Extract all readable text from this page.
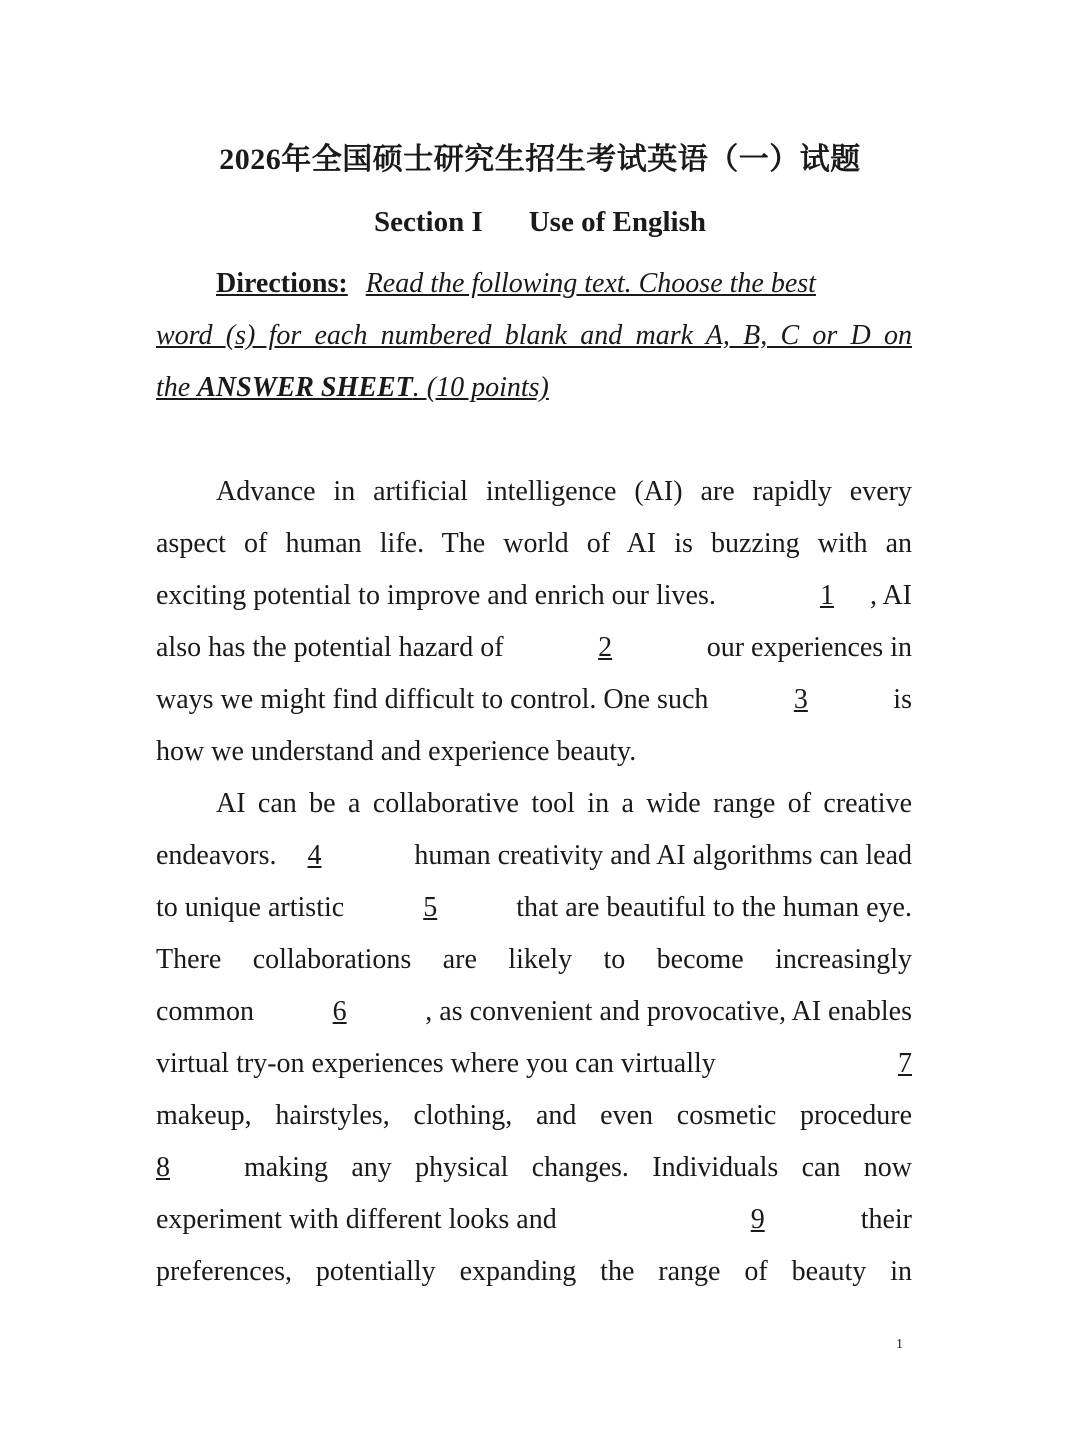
2026年全国硕士研究生招生考试英语（一）试题
Section I Use of English
Directions: Read the following text. Choose the best
word (s) for each numbered blank and mark A, B, C or D on
the ANSWER SHEET . (10 points)
Advance in artificial intelligence (AI) are rapidly every
aspect of human life. The world of AI is buzzing with an
exciting potential to improve and enrich our lives.	1 , AI
also has the potential hazard of	2	our experiences in
ways we might find difficult to control. One such	3	is
how we understand and experience beauty.
AI can be a collaborative tool in a wide range of creative
endeavors. 4	human creativity and AI algorithms can lead
to unique artistic	5	that are beautiful to the human eye.
There collaborations are likely to become increasingly
common	6	, as convenient and provocative, AI enables
virtual try-on experiences where you can virtually	7
makeup, hairstyles, clothing, and even cosmetic procedure
8	making any physical changes. Individuals can now
experiment with different looks and	9	their
preferences, potentially expanding the range of beauty in
1
